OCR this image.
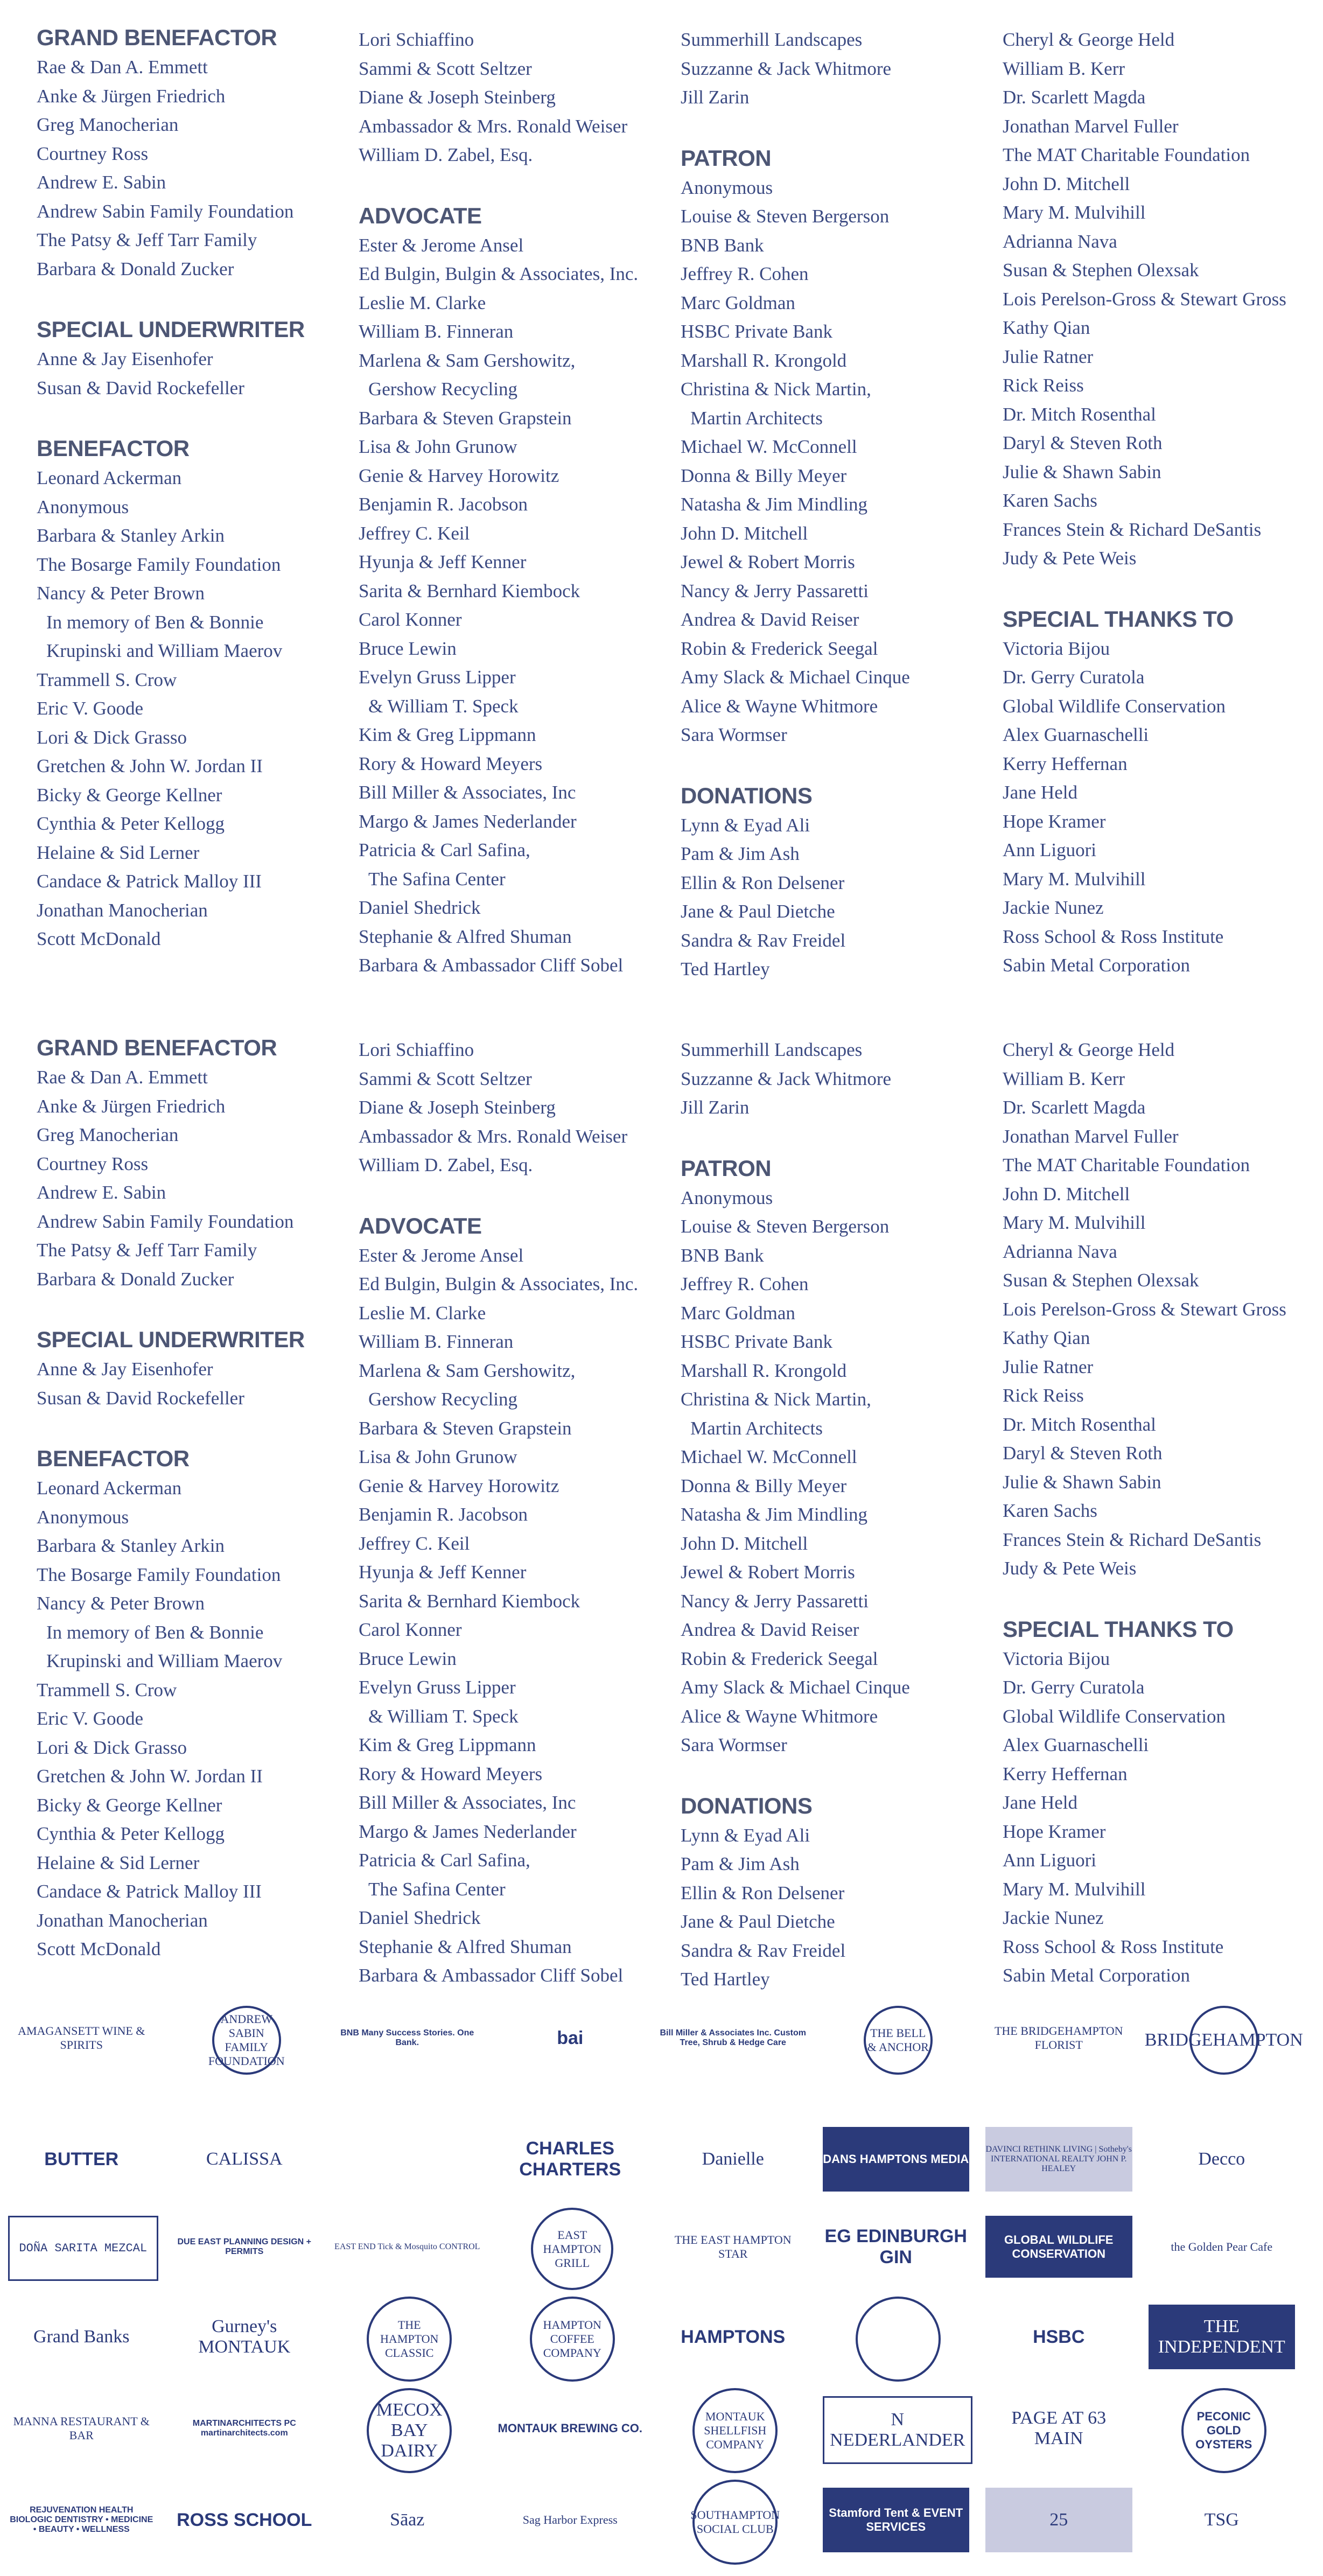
GRAND BENEFACTOR
Rae & Dan A. Emmett
Anke & Jürgen Friedrich
Greg Manocherian
Courtney Ross
Andrew E. Sabin
Andrew Sabin Family Foundation
The Patsy & Jeff Tarr Family
Barbara & Donald Zucker
SPECIAL UNDERWRITER
Anne & Jay Eisenhofer
Susan & David Rockefeller
BENEFACTOR
Leonard Ackerman
Anonymous
Barbara & Stanley Arkin
The Bosarge Family Foundation
Nancy & Peter Brown
In memory of Ben & Bonnie
Krupinski and William Maerov
Trammell S. Crow
Eric V. Goode
Lori & Dick Grasso
Gretchen & John W. Jordan II
Bicky & George Kellner
Cynthia & Peter Kellogg
Helaine & Sid Lerner
Candace & Patrick Malloy III
Jonathan Manocherian
Scott McDonald
Lori Schiaffino
Sammi & Scott Seltzer
Diane & Joseph Steinberg
Ambassador & Mrs. Ronald Weiser
William D. Zabel, Esq.
ADVOCATE
Ester & Jerome Ansel
Ed Bulgin, Bulgin & Associates, Inc.
Leslie M. Clarke
William B. Finneran
Marlena & Sam Gershowitz,
Gershow Recycling
Barbara & Steven Grapstein
Lisa & John Grunow
Genie & Harvey Horowitz
Benjamin R. Jacobson
Jeffrey C. Keil
Hyunja & Jeff Kenner
Sarita & Bernhard Kiembock
Carol Konner
Bruce Lewin
Evelyn Gruss Lipper
& William T. Speck
Kim & Greg Lippmann
Rory & Howard Meyers
Bill Miller & Associates, Inc
Margo & James Nederlander
Patricia & Carl Safina,
The Safina Center
Daniel Shedrick
Stephanie & Alfred Shuman
Barbara & Ambassador Cliff Sobel
Summerhill Landscapes
Suzzanne & Jack Whitmore
Jill Zarin
PATRON
Anonymous
Louise & Steven Bergerson
BNB Bank
Jeffrey R. Cohen
Marc Goldman
HSBC Private Bank
Marshall R. Krongold
Christina & Nick Martin,
Martin Architects
Michael W. McConnell
Donna & Billy Meyer
Natasha & Jim Mindling
John D. Mitchell
Jewel & Robert Morris
Nancy & Jerry Passaretti
Andrea & David Reiser
Robin & Frederick Seegal
Amy Slack & Michael Cinque
Alice & Wayne Whitmore
Sara Wormser
DONATIONS
Lynn & Eyad Ali
Pam & Jim Ash
Ellin & Ron Delsener
Jane & Paul Dietche
Sandra & Rav Freidel
Ted Hartley
Cheryl & George Held
William B. Kerr
Dr. Scarlett Magda
Jonathan Marvel Fuller
The MAT Charitable Foundation
John D. Mitchell
Mary M. Mulvihill
Adrianna Nava
Susan & Stephen Olexsak
Lois Perelson-Gross & Stewart Gross
Kathy Qian
Julie Ratner
Rick Reiss
Dr. Mitch Rosenthal
Daryl & Steven Roth
Julie & Shawn Sabin
Karen Sachs
Frances Stein & Richard DeSantis
Judy & Pete Weis
SPECIAL THANKS TO
Victoria Bijou
Dr. Gerry Curatola
Global Wildlife Conservation
Alex Guarnaschelli
Kerry Heffernan
Jane Held
Hope Kramer
Ann Liguori
Mary M. Mulvihill
Jackie Nunez
Ross School & Ross Institute
Sabin Metal Corporation
GRAND BENEFACTOR
Rae & Dan A. Emmett
Anke & Jürgen Friedrich
Greg Manocherian
Courtney Ross
Andrew E. Sabin
Andrew Sabin Family Foundation
The Patsy & Jeff Tarr Family
Barbara & Donald Zucker
SPECIAL UNDERWRITER
Anne & Jay Eisenhofer
Susan & David Rockefeller
BENEFACTOR
Leonard Ackerman
Anonymous
Barbara & Stanley Arkin
The Bosarge Family Foundation
Nancy & Peter Brown
In memory of Ben & Bonnie
Krupinski and William Maerov
Trammell S. Crow
Eric V. Goode
Lori & Dick Grasso
Gretchen & John W. Jordan II
Bicky & George Kellner
Cynthia & Peter Kellogg
Helaine & Sid Lerner
Candace & Patrick Malloy III
Jonathan Manocherian
Scott McDonald
Lori Schiaffino
Sammi & Scott Seltzer
Diane & Joseph Steinberg
Ambassador & Mrs. Ronald Weiser
William D. Zabel, Esq.
ADVOCATE
Ester & Jerome Ansel
Ed Bulgin, Bulgin & Associates, Inc.
Leslie M. Clarke
William B. Finneran
Marlena & Sam Gershowitz,
Gershow Recycling
Barbara & Steven Grapstein
Lisa & John Grunow
Genie & Harvey Horowitz
Benjamin R. Jacobson
Jeffrey C. Keil
Hyunja & Jeff Kenner
Sarita & Bernhard Kiembock
Carol Konner
Bruce Lewin
Evelyn Gruss Lipper
& William T. Speck
Kim & Greg Lippmann
Rory & Howard Meyers
Bill Miller & Associates, Inc
Margo & James Nederlander
Patricia & Carl Safina,
The Safina Center
Daniel Shedrick
Stephanie & Alfred Shuman
Barbara & Ambassador Cliff Sobel
Summerhill Landscapes
Suzzanne & Jack Whitmore
Jill Zarin
PATRON
Anonymous
Louise & Steven Bergerson
BNB Bank
Jeffrey R. Cohen
Marc Goldman
HSBC Private Bank
Marshall R. Krongold
Christina & Nick Martin,
Martin Architects
Michael W. McConnell
Donna & Billy Meyer
Natasha & Jim Mindling
John D. Mitchell
Jewel & Robert Morris
Nancy & Jerry Passaretti
Andrea & David Reiser
Robin & Frederick Seegal
Amy Slack & Michael Cinque
Alice & Wayne Whitmore
Sara Wormser
DONATIONS
Lynn & Eyad Ali
Pam & Jim Ash
Ellin & Ron Delsener
Jane & Paul Dietche
Sandra & Rav Freidel
Ted Hartley
Cheryl & George Held
William B. Kerr
Dr. Scarlett Magda
Jonathan Marvel Fuller
The MAT Charitable Foundation
John D. Mitchell
Mary M. Mulvihill
Adrianna Nava
Susan & Stephen Olexsak
Lois Perelson-Gross & Stewart Gross
Kathy Qian
Julie Ratner
Rick Reiss
Dr. Mitch Rosenthal
Daryl & Steven Roth
Julie & Shawn Sabin
Karen Sachs
Frances Stein & Richard DeSantis
Judy & Pete Weis
SPECIAL THANKS TO
Victoria Bijou
Dr. Gerry Curatola
Global Wildlife Conservation
Alex Guarnaschelli
Kerry Heffernan
Jane Held
Hope Kramer
Ann Liguori
Mary M. Mulvihill
Jackie Nunez
Ross School & Ross Institute
Sabin Metal Corporation
AMAGANSETT WINE & SPIRITS
ANDREW SABIN FAMILY FOUNDATION
BNB Many Success Stories. One Bank.	bai	Bill Miller & Associates Inc. Custom Tree, Shrub & Hedge Care
THE BELL & ANCHOR
THE BRIDGEHAMPTON FLORIST	BRIDGEHAMPTON
BUTTER	CALISSA
CHARLES CHARTERS
Danielle	DANS HAMPTONS MEDIA
DAVINCI RETHINK LIVING | Sotheby's INTERNATIONAL REALTY JOHN P. HEALEY	Decco
DOÑA SARITA MEZCAL	DUE EAST PLANNING DESIGN + PERMITS
EAST END Tick & Mosquito CONTROL
EAST HAMPTON GRILL
THE EAST HAMPTON STAR
EG EDINBURGH GIN
GLOBAL WILDLIFE CONSERVATION
the Golden Pear Cafe
Grand Banks
Gurney's MONTAUK
THE HAMPTON CLASSIC
HAMPTON COFFEE COMPANY
HAMPTONS	HSBC	THE INDEPENDENT
MANNA RESTAURANT & BAR
MARTINARCHITECTS PC martinarchitects.com
MECOX BAY DAIRY
MONTAUK BREWING CO.
MONTAUK SHELLFISH COMPANY
N NEDERLANDER
PAGE AT 63 MAIN
PECONIC GOLD OYSTERS
REJUVENATION HEALTH BIOLOGIC DENTISTRY • MEDICINE • BEAUTY • WELLNESS	ROSS SCHOOL	Sāaz	Sag Harbor Express	SOUTHAMPTON SOCIAL CLUB
Stamford Tent & EVENT SERVICES	25	TSG
